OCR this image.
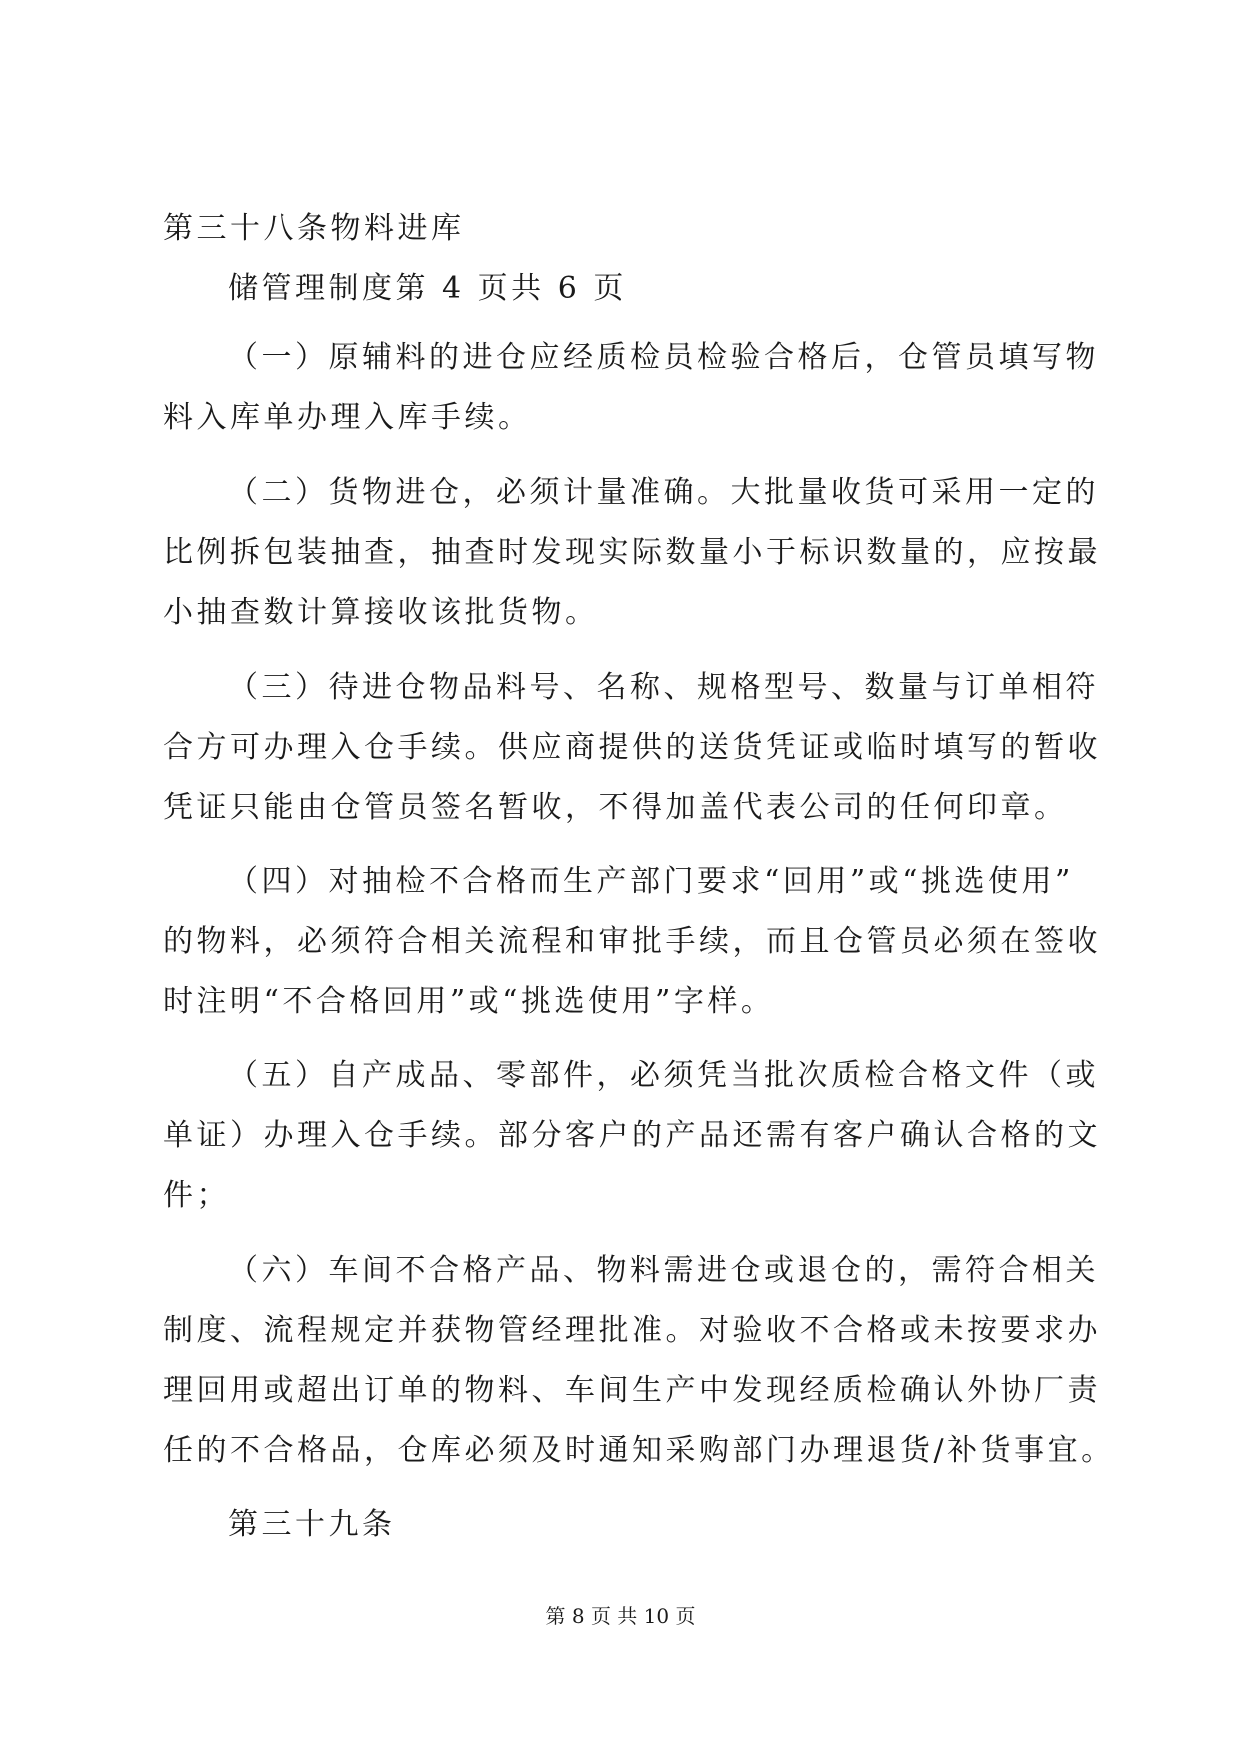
第三十八条物料进库
储管理制度第 4 页共 6 页
（一）原辅料的进仓应经质检员检验合格后，仓管员填写物
料入库单办理入库手续。
（二）货物进仓，必须计量准确。大批量收货可采用一定的
比例拆包装抽查，抽查时发现实际数量小于标识数量的，应按最
小抽查数计算接收该批货物。
（三）待进仓物品料号、名称、规格型号、数量与订单相符
合方可办理入仓手续。供应商提供的送货凭证或临时填写的暂收
凭证只能由仓管员签名暂收，不得加盖代表公司的任何印章。
（四）对抽检不合格而生产部门要求“回用”或“挑选使用”
的物料，必须符合相关流程和审批手续，而且仓管员必须在签收
时注明“不合格回用”或“挑选使用”字样。
（五）自产成品、零部件，必须凭当批次质检合格文件（或
单证）办理入仓手续。部分客户的产品还需有客户确认合格的文
件；
（六）车间不合格产品、物料需进仓或退仓的，需符合相关
制度、流程规定并获物管经理批准。对验收不合格或未按要求办
理回用或超出订单的物料、车间生产中发现经质检确认外协厂责
任的不合格品，仓库必须及时通知采购部门办理退货/补货事宜。
第三十九条
第 8 页 共 10 页
